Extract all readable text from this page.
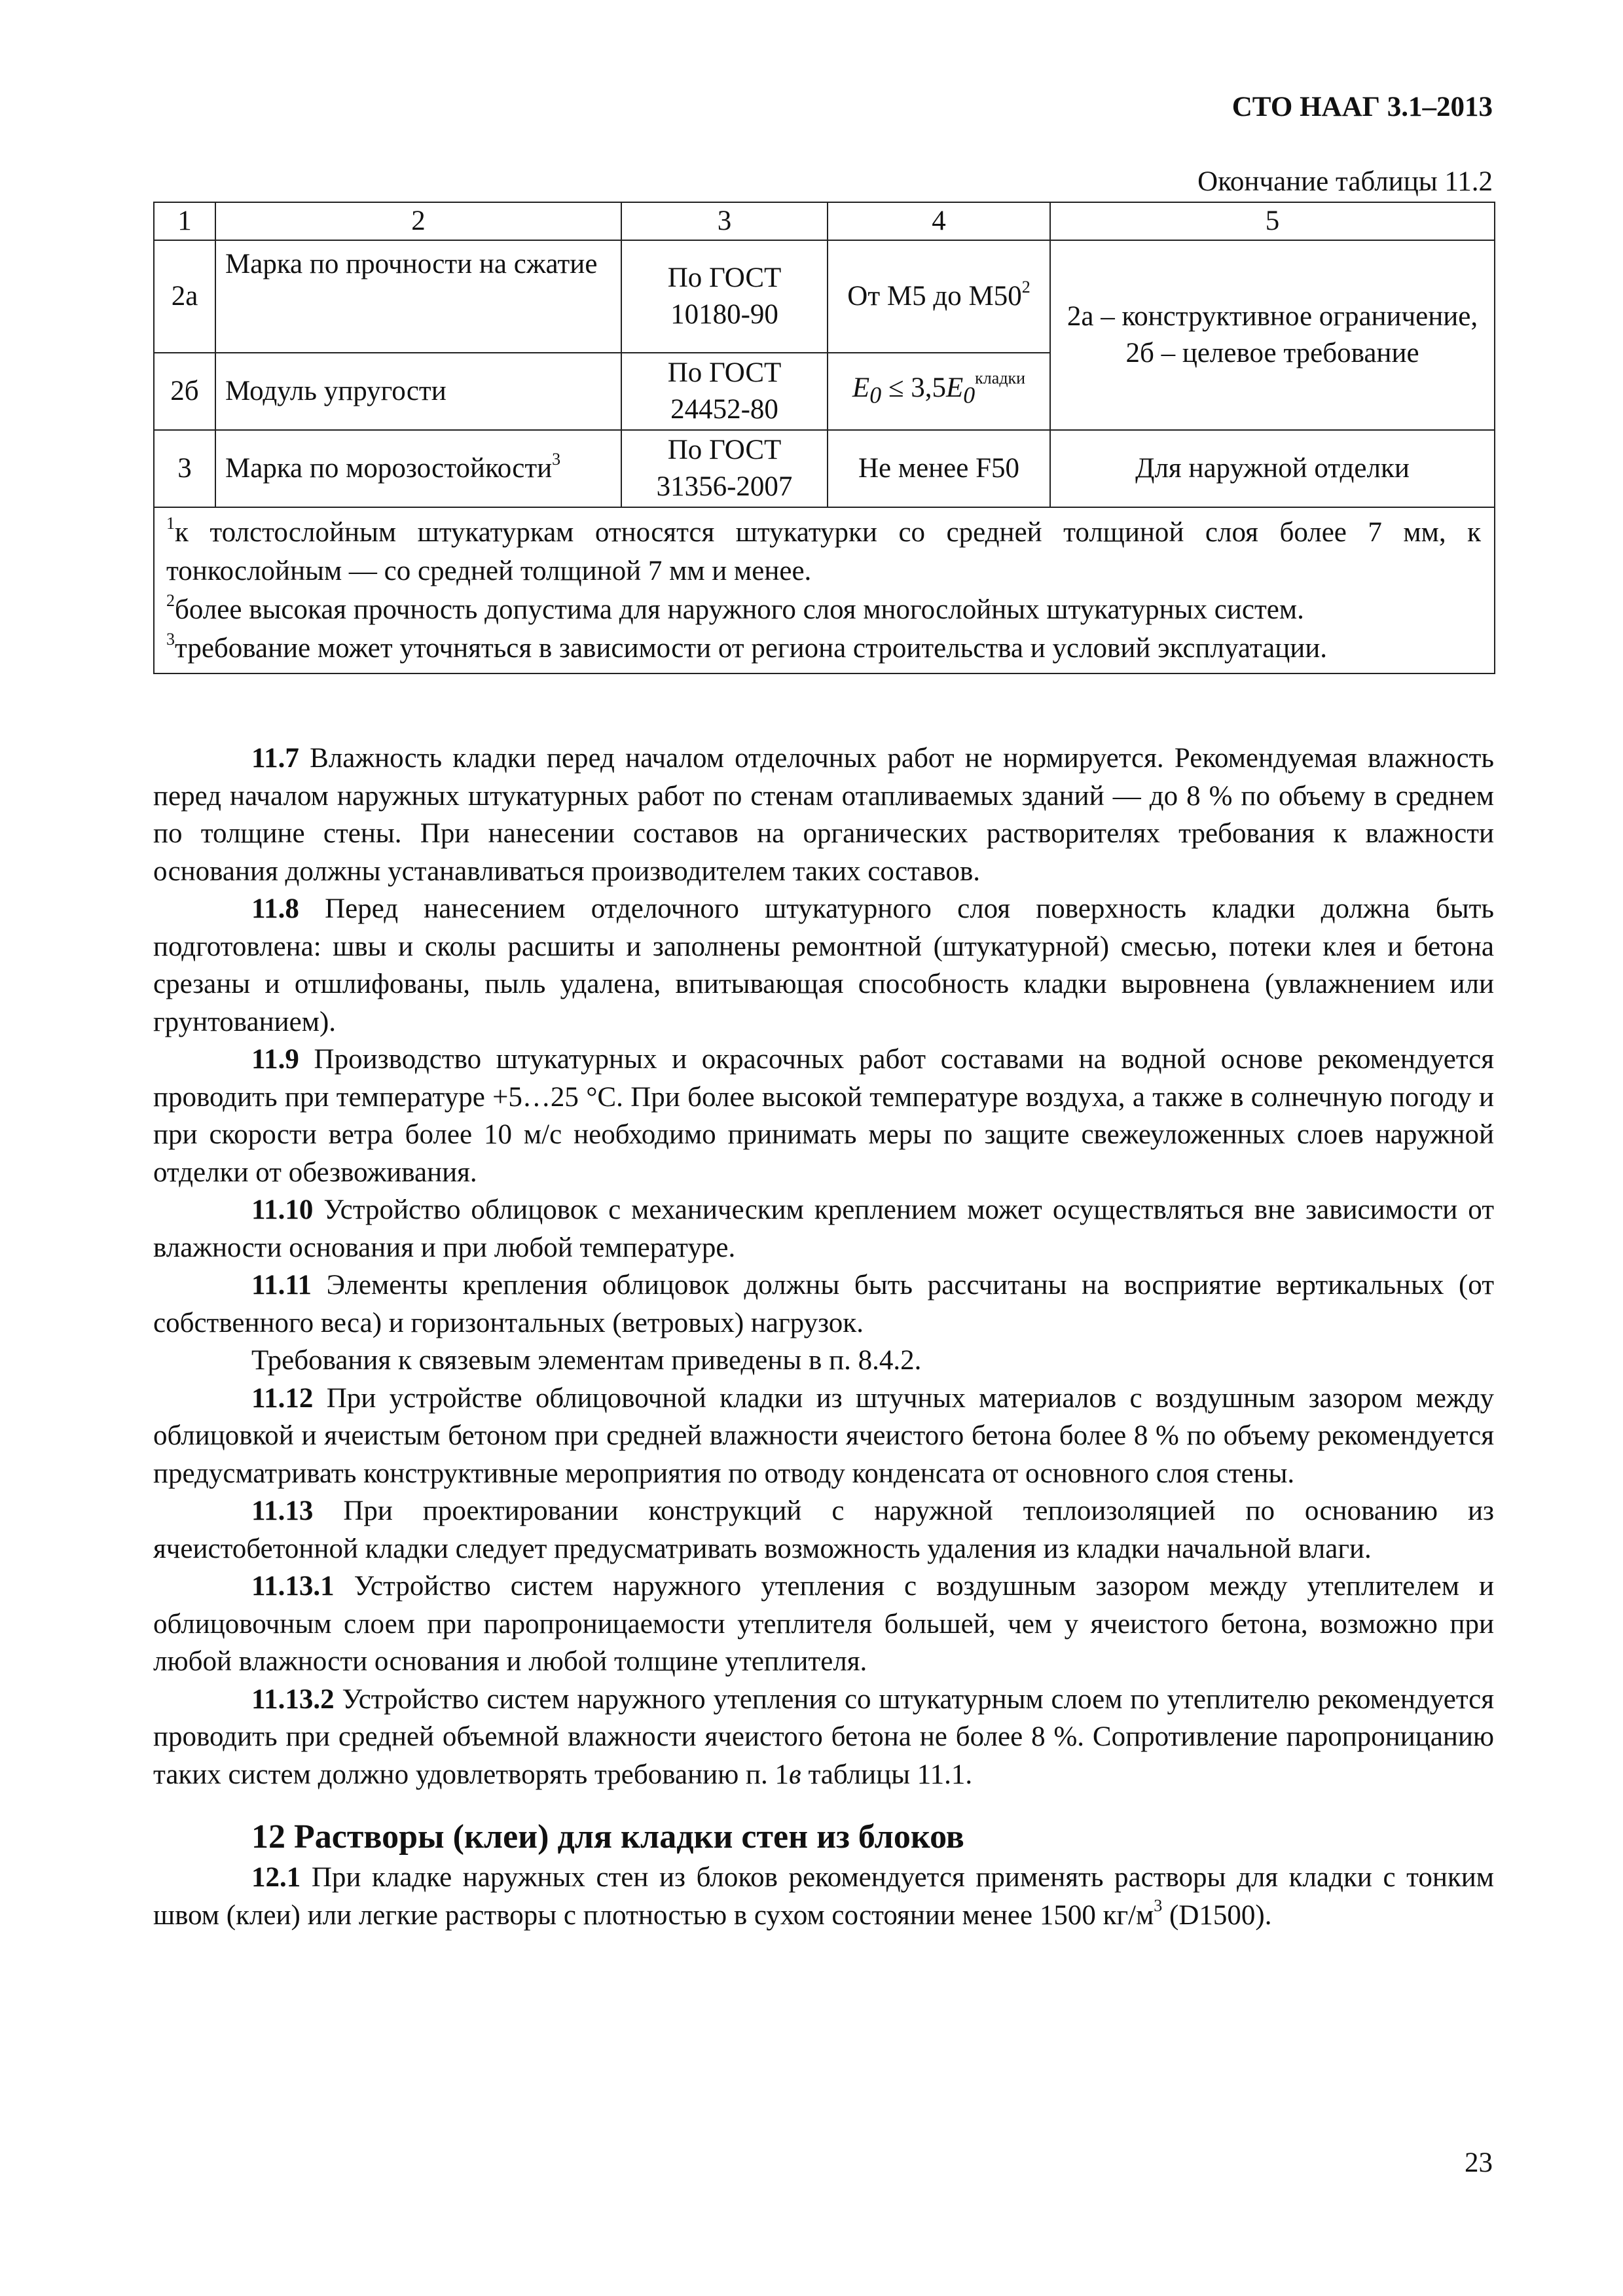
СТО НААГ 3.1–2013
Окончание таблицы 11.2
1	2	3	4	5
2а	Марка по прочности на сжатие	По ГОСТ 10180-90	От М5 до $М50^2$	2а – конструктивное ограничение, 2б – целевое требование
2б	Модуль упругости	По ГОСТ 24452-80	$E_0 \le 3,5E_0^{кладки}$
3	Марка по морозостойкости$^3$	По ГОСТ 31356-2007	Не менее F50	Для наружной отделки

$^1$к толстослойным штукатуркам относятся штукатурки со средней толщиной слоя более 7 мм, к тонкослойным — со средней толщиной 7 мм и менее.

$^2$более высокая прочность допустима для наружного слоя многослойных штукатурных систем.

$^3$требование может уточняться в зависимости от региона строительства и условий эксплуатации.				

11.7 Влажность кладки перед началом отделочных работ не нормируется. Рекомендуемая влажность перед началом наружных штукатурных работ по стенам отапливаемых зданий — до 8 % по объему в среднем по толщине стены. При нанесении составов на органических растворителях требования к влажности основания должны устанавливаться производителем таких составов.

11.8 Перед нанесением отделочного штукатурного слоя поверхность кладки должна быть подготовлена: швы и сколы расшиты и заполнены ремонтной (штукатурной) смесью, потеки клея и бетона срезаны и отшлифованы, пыль удалена, впитывающая способность кладки выровнена (увлажнением или грунтованием).

11.9 Производство штукатурных и окрасочных работ составами на водной основе рекомендуется проводить при температуре +5…25 °С. При более высокой температуре воздуха, а также в солнечную погоду и при скорости ветра более 10 м/с необходимо принимать меры по защите свежеуложенных слоев наружной отделки от обезвоживания.

11.10 Устройство облицовок с механическим креплением может осуществляться вне зависимости от влажности основания и при любой температуре.

11.11 Элементы крепления облицовок должны быть рассчитаны на восприятие вертикальных (от собственного веса) и горизонтальных (ветровых) нагрузок.

Требования к связевым элементам приведены в п. 8.4.2.

11.12 При устройстве облицовочной кладки из штучных материалов с воздушным зазором между облицовкой и ячеистым бетоном при средней влажности ячеистого бетона более 8 % по объему рекомендуется предусматривать конструктивные мероприятия по отводу конденсата от основного слоя стены.

11.13 При проектировании конструкций с наружной теплоизоляцией по основанию из ячеистобетонной кладки следует предусматривать возможность удаления из кладки начальной влаги.

11.13.1 Устройство систем наружного утепления с воздушным зазором между утеплителем и облицовочным слоем при паропроницаемости утеплителя большей, чем у ячеистого бетона, возможно при любой влажности основания и любой толщине утеплителя.

11.13.2 Устройство систем наружного утепления со штукатурным слоем по утеплителю рекомендуется проводить при средней объемной влажности ячеистого бетона не более 8 %. Сопротивление паропроницанию таких систем должно удовлетворять требованию п. 1в таблицы 11.1.

12 Растворы (клеи) для кладки стен из блоков

12.1 При кладке наружных стен из блоков рекомендуется применять растворы для кладки с тонким швом (клеи) или легкие растворы с плотностью в сухом состоянии менее 1500 $кг/м^3$ (D1500).

23
